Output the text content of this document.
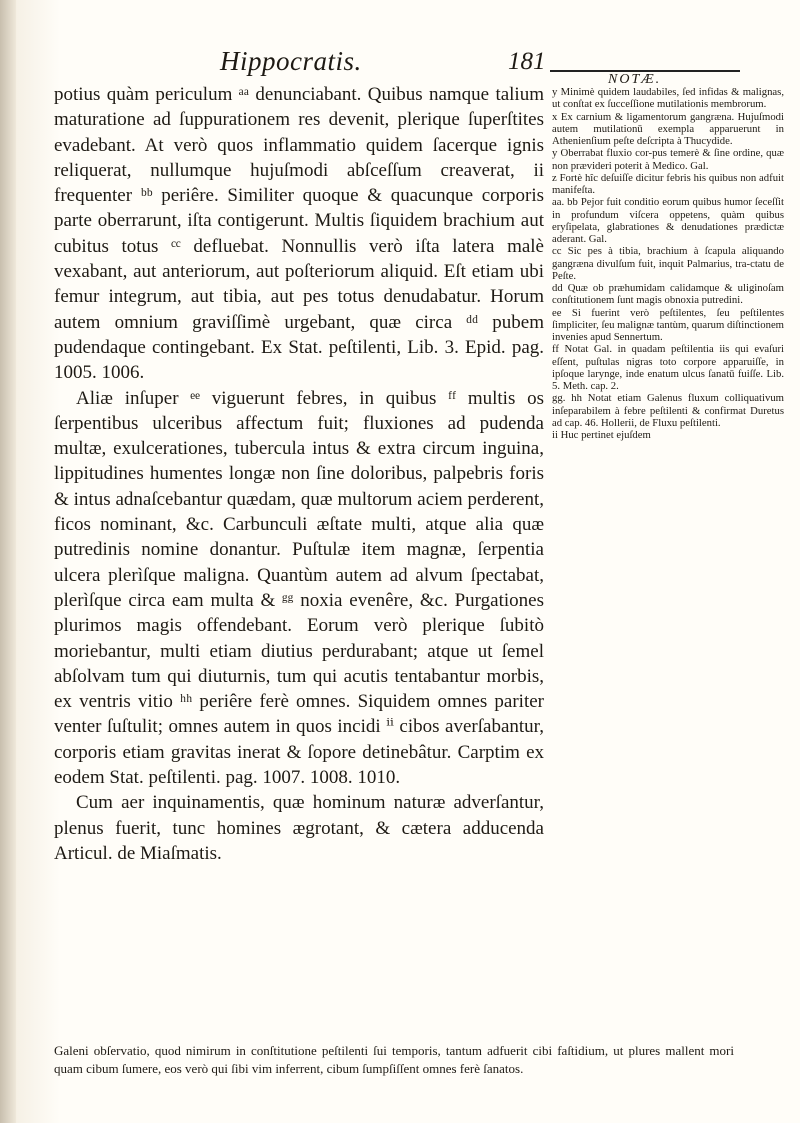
Hippocratis.	181
NOTÆ.

potius quàm periculum ᵃᵃ denunciabant. Quibus namque talium maturatione ad ſuppurationem res devenit, plerique ſuperſtites evadebant. At verò quos inflammatio quidem ſacerque ignis reliquerat, nullumque hujuſmodi abſceſſum creaverat, ii frequenter ᵇᵇ periêre. Similiter quoque & quacunque corporis parte oberrarunt, iſta contigerunt. Multis ſiquidem brachium aut cubitus totus ᶜᶜ defluebat. Nonnullis verò iſta latera malè vexabant, aut anteriorum, aut poſteriorum aliquid. Eſt etiam ubi femur integrum, aut tibia, aut pes totus denudabatur. Horum autem omnium graviſſimè urgebant, quæ circa ᵈᵈ pubem pudendaque contingebant. Ex Stat. peſtilenti, Lib. 3. Epid. pag. 1005. 1006.

Aliæ inſuper ᵉᵉ viguerunt febres, in quibus ᶠᶠ multis os ſerpentibus ulceribus affectum fuit; fluxiones ad pudenda multæ, exulcerationes, tubercula intus & extra circum inguina, lippitudines humentes longæ non ſine doloribus, palpebris foris & intus adnaſcebantur quædam, quæ multorum aciem perderent, ficos nominant, &c. Carbunculi æſtate multi, atque alia quæ putredinis nomine donantur. Puſtulæ item magnæ, ſerpentia ulcera plerìſque maligna. Quantùm autem ad alvum ſpectabat, plerìſque circa eam multa & ᵍᵍ noxia evenêre, &c. Purgationes plurimos magis offendebant. Eorum verò plerique ſubitò moriebantur, multi etiam diutius perdurabant; atque ut ſemel abſolvam tum qui diuturnis, tum qui acutis tentabantur morbis, ex ventris vitio ʰʰ periêre ferè omnes. Siquidem omnes pariter venter ſuſtulit; omnes autem in quos incidi ⁱⁱ cibos averſabantur, corporis etiam gravitas inerat & ſopore detinebâtur. Carptim ex eodem Stat. peſtilenti. pag. 1007. 1008. 1010.

Cum aer inquinamentis, quæ hominum naturæ adverſantur, plenus fuerit, tunc homines ægrotant, & cætera adducenda Articul. de Miaſmatis.

y Minimè quidem laudabiles, ſed infidas & malignas, ut conſtat ex ſucceſſione mutilationis membrorum.

x Ex carnium & ligamentorum gangræna. Hujuſmodi autem mutilationū exempla apparuerunt in Athenienſium peſte deſcripta à Thucydide.

y Oberrabat fluxio cor-pus temerè & ſine ordine, quæ non prævideri poterit à Medico. Gal.

z Fortè hîc deſuiſſe dicitur febris his quibus non adfuit manifeſta.

aa. bb Pejor fuit conditio eorum quibus humor ſeceſſit in profundum viſcera oppetens, quàm quibus eryſipelata, glabrationes & denudationes prædictæ aderant. Gal.

cc Sic pes à tibia, brachium à ſcapula aliquando gangræna divulſum fuit, inquit Palmarius, tra-ctatu de Peſte.

dd Quæ ob præhumidam calidamque & uliginoſam conſtitutionem ſunt magis obnoxia putredini.

ee Si fuerint verò peſtilentes, ſeu peſtilentes ſimpliciter, ſeu malignæ tantùm, quarum diſtinctionem invenies apud Sennertum.

ff Notat Gal. in quadam peſtilentia iis qui evaſuri eſſent, puſtulas nigras toto corpore apparuiſſe, in ipſoque larynge, inde enatum ulcus ſanatū fuiſſe. Lib. 5. Meth. cap. 2.

gg. hh Notat etiam Galenus fluxum colliquativum inſeparabilem à febre peſtilenti & confirmat Duretus ad cap. 46. Hollerii, de Fluxu peſtilenti.

ii Huc pertinet ejuſdem

Galeni obſervatio, quod nimirum in conſtitutione peſtilenti ſui temporis, tantum adfuerit cibi faſtidium, ut plures mallent mori quam cibum ſumere, eos verò qui ſibi vim inferrent, cibum ſumpſiſſent omnes ferè ſanatos.
